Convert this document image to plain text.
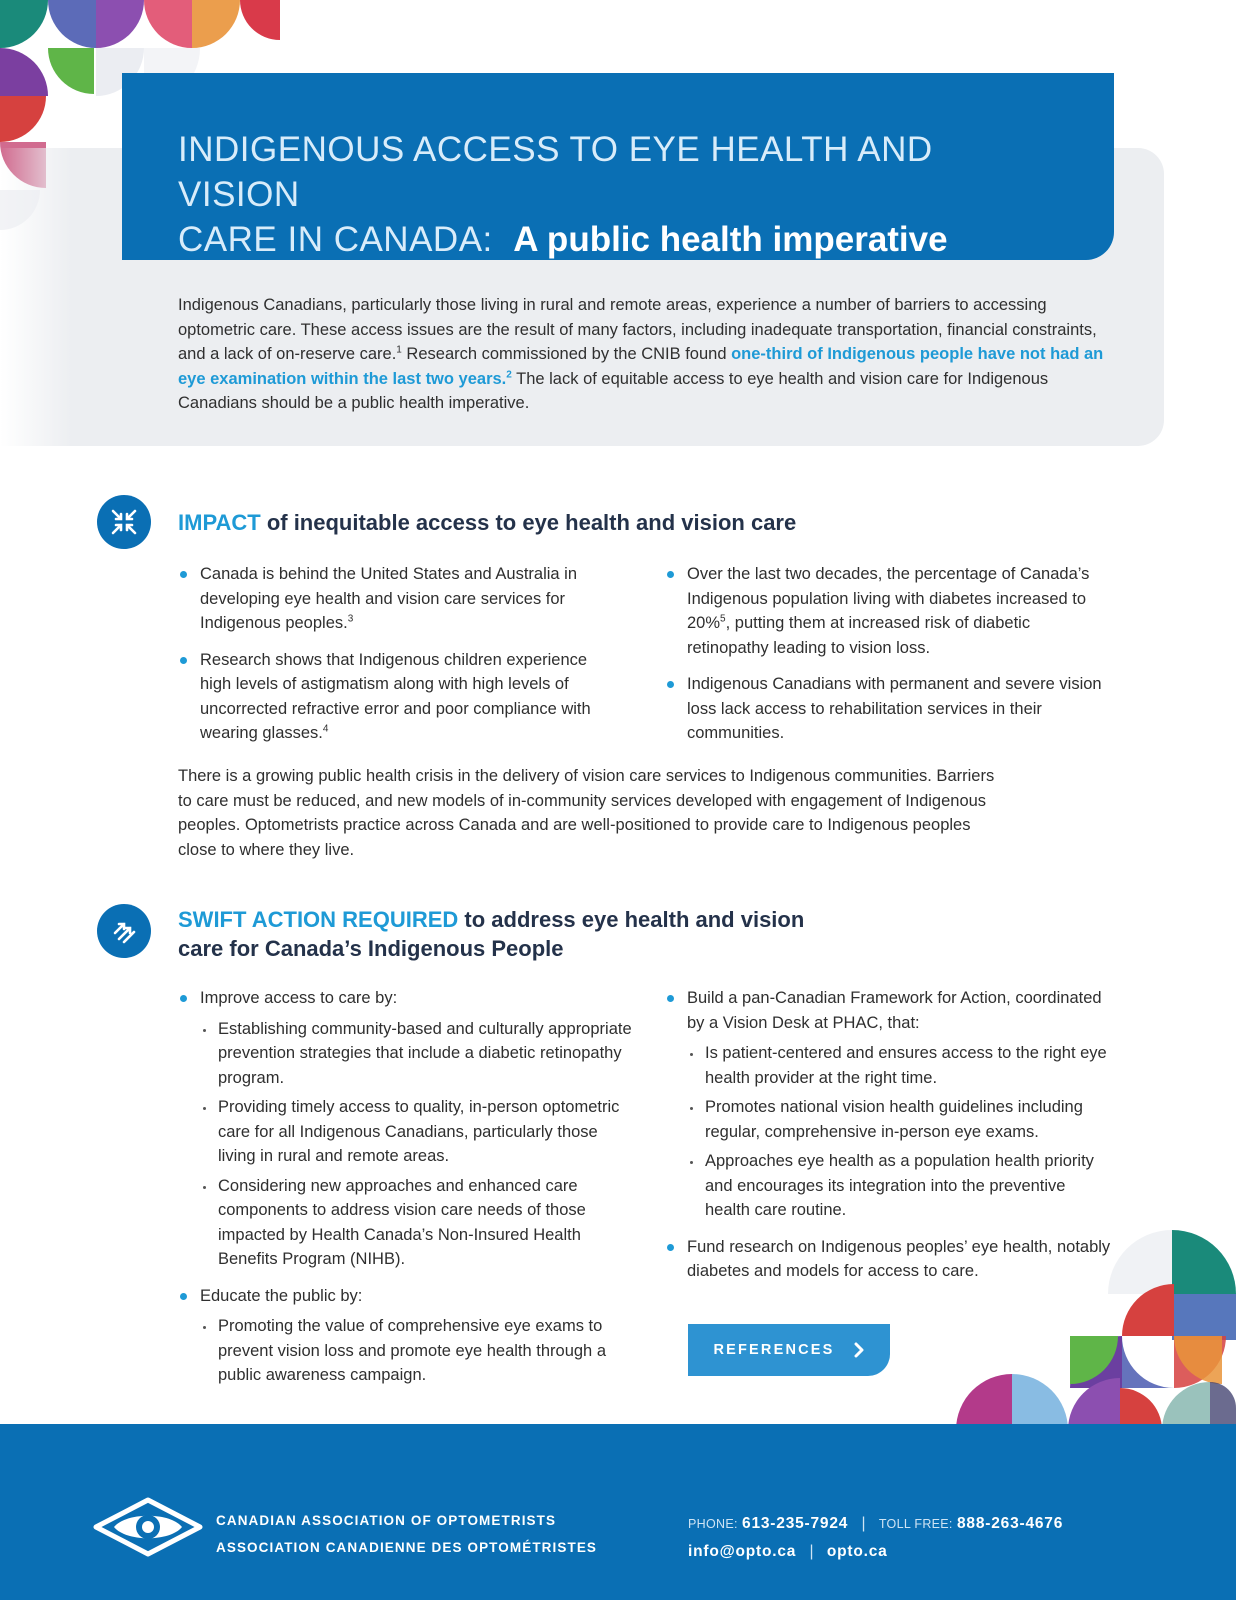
INDIGENOUS ACCESS TO EYE HEALTH AND VISION
CARE IN CANADA: A public health imperative

Indigenous Canadians, particularly those living in rural and remote areas, experience a number of barriers to accessing optometric care. These access issues are the result of many factors, including inadequate transportation, financial constraints, and a lack of on-reserve care.$^1$ Research commissioned by the CNIB found one-third of Indigenous people have not had an eye examination within the last two years.$^2$ The lack of equitable access to eye health and vision care for Indigenous Canadians should be a public health imperative.

IMPACT of inequitable access to eye health and vision care
Canada is behind the United States and Australia in developing eye health and vision care services for Indigenous peoples.$^3$
Research shows that Indigenous children experience high levels of astigmatism along with high levels of uncorrected refractive error and poor compliance with wearing glasses.$^4$
Over the last two decades, the percentage of Canada’s Indigenous population living with diabetes increased to 20%$^5$, putting them at increased risk of diabetic retinopathy leading to vision loss.
Indigenous Canadians with permanent and severe vision loss lack access to rehabilitation services in their communities.

There is a growing public health crisis in the delivery of vision care services to Indigenous communities. Barriers to care must be reduced, and new models of in-community services developed with engagement of Indigenous peoples. Optometrists practice across Canada and are well-positioned to provide care to Indigenous peoples close to where they live.

SWIFT ACTION REQUIRED to address eye health and vision
care for Canada’s Indigenous People
Improve access to care by:
Establishing community-based and culturally appropriate prevention strategies that include a diabetic retinopathy program.
Providing timely access to quality, in-person optometric care for all Indigenous Canadians, particularly those living in rural and remote areas.
Considering new approaches and enhanced care components to address vision care needs of those impacted by Health Canada’s Non-Insured Health Benefits Program (NIHB).
Educate the public by:
Promoting the value of comprehensive eye exams to prevent vision loss and promote eye health through a public awareness campaign.
Build a pan-Canadian Framework for Action, coordinated by a Vision Desk at PHAC, that:
Is patient-centered and ensures access to the right eye health provider at the right time.
Promotes national vision health guidelines including regular, comprehensive in-person eye exams.
Approaches eye health as a population health priority and encourages its integration into the preventive health care routine.
Fund research on Indigenous peoples’ eye health, notably diabetes and models for access to care.
REFERENCES
CANADIAN ASSOCIATION OF OPTOMETRISTS
ASSOCIATION CANADIENNE DES OPTOMÉTRISTES
PHONE: 613-235-7924 | TOLL FREE: 888-263-4676
info@opto.ca | opto.ca
